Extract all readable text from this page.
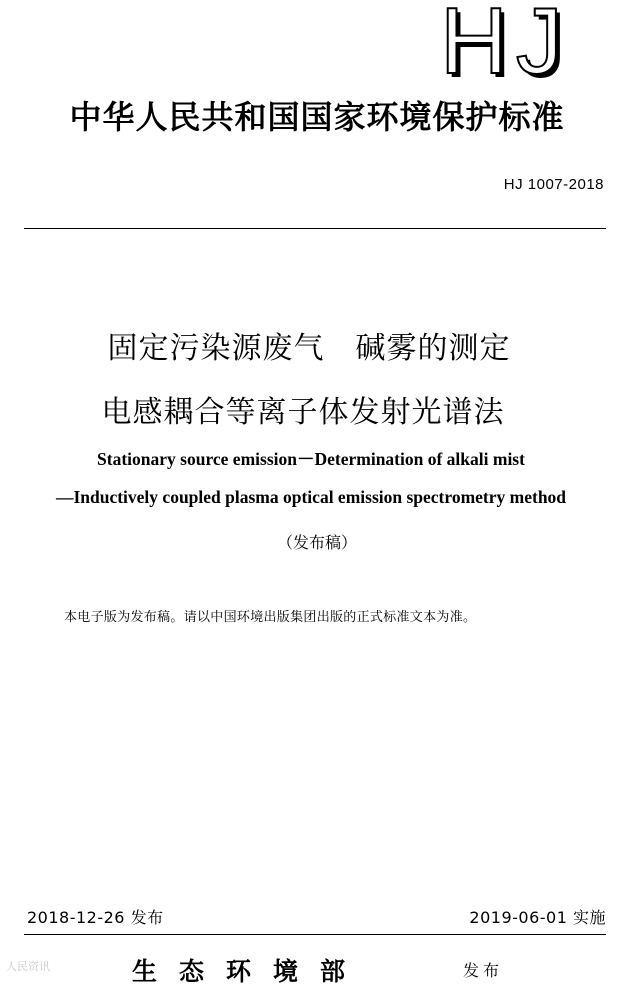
HJ
中华人民共和国国家环境保护标准
HJ 1007-2018
固定污染源废气　碱雾的测定
电感耦合等离子体发射光谱法
Stationary source emission－Determination of alkali mist
—Inductively coupled plasma optical emission spectrometry method
（发布稿）
本电子版为发布稿。请以中国环境出版集团出版的正式标准文本为准。
2018-12-26 发布	2019-06-01 实施
人民资讯	生态环境部	发布
